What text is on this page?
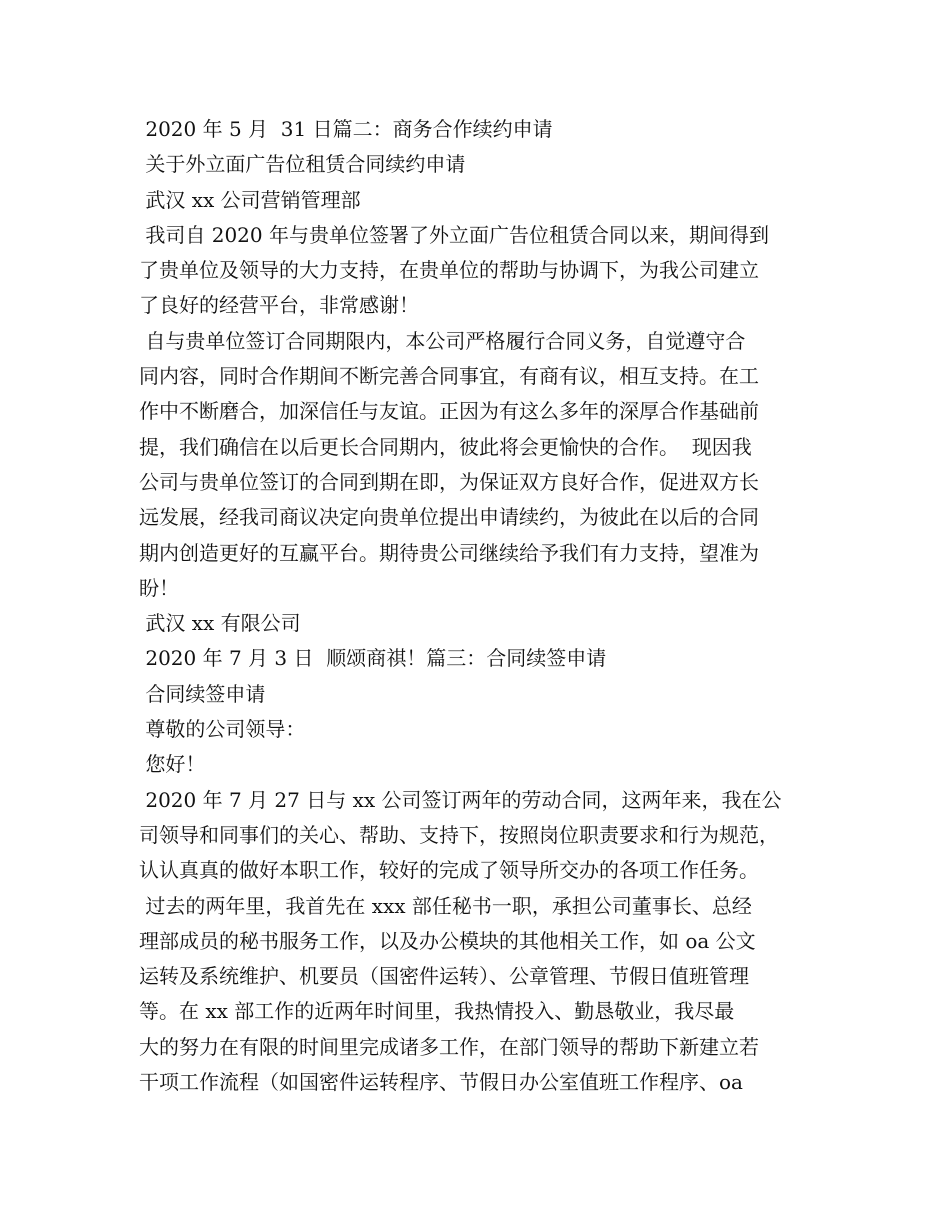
2020 年 5 月  31 日篇二：商务合作续约申请
关于外立面广告位租赁合同续约申请
武汉 xx 公司营销管理部
我司自 2020 年与贵单位签署了外立面广告位租赁合同以来，期间得到
了贵单位及领导的大力支持，在贵单位的帮助与协调下，为我公司建立
了良好的经营平台，非常感谢！
自与贵单位签订合同期限内，本公司严格履行合同义务，自觉遵守合
同内容，同时合作期间不断完善合同事宜，有商有议，相互支持。在工
作中不断磨合，加深信任与友谊。正因为有这么多年的深厚合作基础前
提，我们确信在以后更长合同期内，彼此将会更愉快的合作。  现因我
公司与贵单位签订的合同到期在即，为保证双方良好合作，促进双方长
远发展，经我司商议决定向贵单位提出申请续约，为彼此在以后的合同
期内创造更好的互赢平台。期待贵公司继续给予我们有力支持，望准为
盼！
武汉 xx 有限公司
2020 年 7 月 3 日  顺颂商祺！篇三：合同续签申请
合同续签申请
尊敬的公司领导：
您好！
2020 年 7 月 27 日与 xx 公司签订两年的劳动合同，这两年来，我在公
司领导和同事们的关心、帮助、支持下，按照岗位职责要求和行为规范，
认认真真的做好本职工作，较好的完成了领导所交办的各项工作任务。
过去的两年里，我首先在 xxx 部任秘书一职，承担公司董事长、总经
理部成员的秘书服务工作，以及办公模块的其他相关工作，如 oa 公文
运转及系统维护、机要员（国密件运转）、公章管理、节假日值班管理
等。在 xx 部工作的近两年时间里，我热情投入、勤恳敬业，我尽最
大的努力在有限的时间里完成诸多工作，在部门领导的帮助下新建立若
干项工作流程（如国密件运转程序、节假日办公室值班工作程序、oa
